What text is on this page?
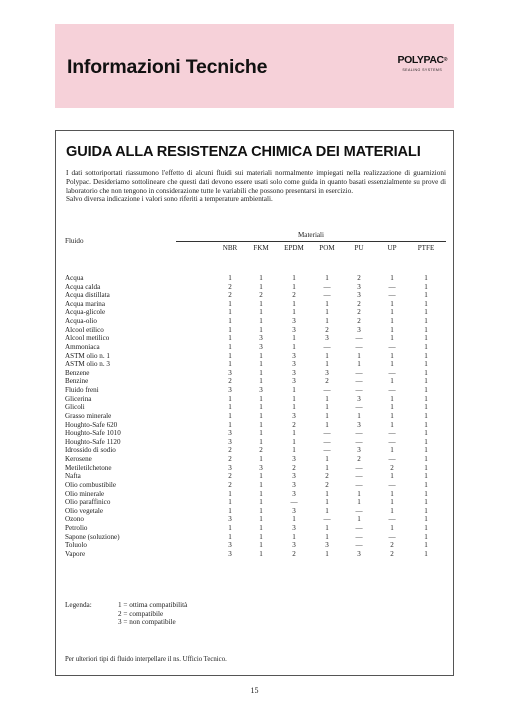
Informazioni Tecniche	POLYPAC®
SEALING SYSTEMS
GUIDA ALLA RESISTENZA CHIMICA DEI MATERIALI

I dati sottoriportati riassumono l'effetto di alcuni fluidi sui materiali normalmente impiegati nella realizzazione di guarnizioni Polypac. Desideriamo sottolineare che questi dati devono essere usati solo come guida in quanto basati essenzialmente su prove di laboratorio che non tengono in considerazione tutte le variabili che possono presentarsi in esercizio.

Salvo diversa indicazione i valori sono riferiti a temperature ambientali.

Fluido
Materiali
NBR FKM EPDM POM	PU	UP	PTFE
Acqua	1	1	1	1	2	1	1
Acqua calda	2	1	1	—	3	—	1
Acqua distillata	2	2	2	—	3	—	1
Acqua marina	1	1	1	1	2	1	1
Acqua-glicole	1	1	1	1	2	1	1
Acqua-olio	1	1	3	1	2	1	1
Alcool etilico	1	1	3	2	3	1	1
Alcool metilico	1	3	1	3	—	1	1
Ammoniaca	1	3	1	—	—	—	1
ASTM olio n. 1	1	1	3	1	1	1	1
ASTM olio n. 3	1	1	3	1	1	1	1
Benzene	3	1	3	3	—	—	1
Benzine	2	1	3	2	—	1	1
Fluido freni	3	3	1	—	—	—	1
Glicerina	1	1	1	1	3	1	1
Glicoli	1	1	1	1	—	1	1
Grasso minerale	1	1	3	1	1	1	1
Houghto-Safe 620	1	1	2	1	3	1	1
Houghto-Safe 1010	3	1	1	—	—	—	1
Houghto-Safe 1120	3	1	1	—	—	—	1
Idrossido di sodio	2	2	1	—	3	1	1
Kerosene	2	1	3	1	2	—	1
Metiletilchetone	3	3	2	1	—	2	1
Nafta	2	1	3	2	—	1	1
Olio combustibile	2	1	3	2	—	—	1
Olio minerale	1	1	3	1	1	1	1
Olio paraffinico	1	1	—	1	1	1	1
Olio vegetale	1	1	3	1	—	1	1
Ozono	3	1	1	—	1	—	1
Petrolio	1	1	3	1	—	1	1
Sapone (soluzione)	1	1	1	1	—	—	1
Toluolo	3	1	3	3	—	2	1
Vapore	3	1	2	1	3	2	1
Legenda:	1 = ottima compatibilità
2 = compatibile
3 = non compatibile
Per ulteriori tipi di fluido interpellare il ns. Ufficio Tecnico.
15
